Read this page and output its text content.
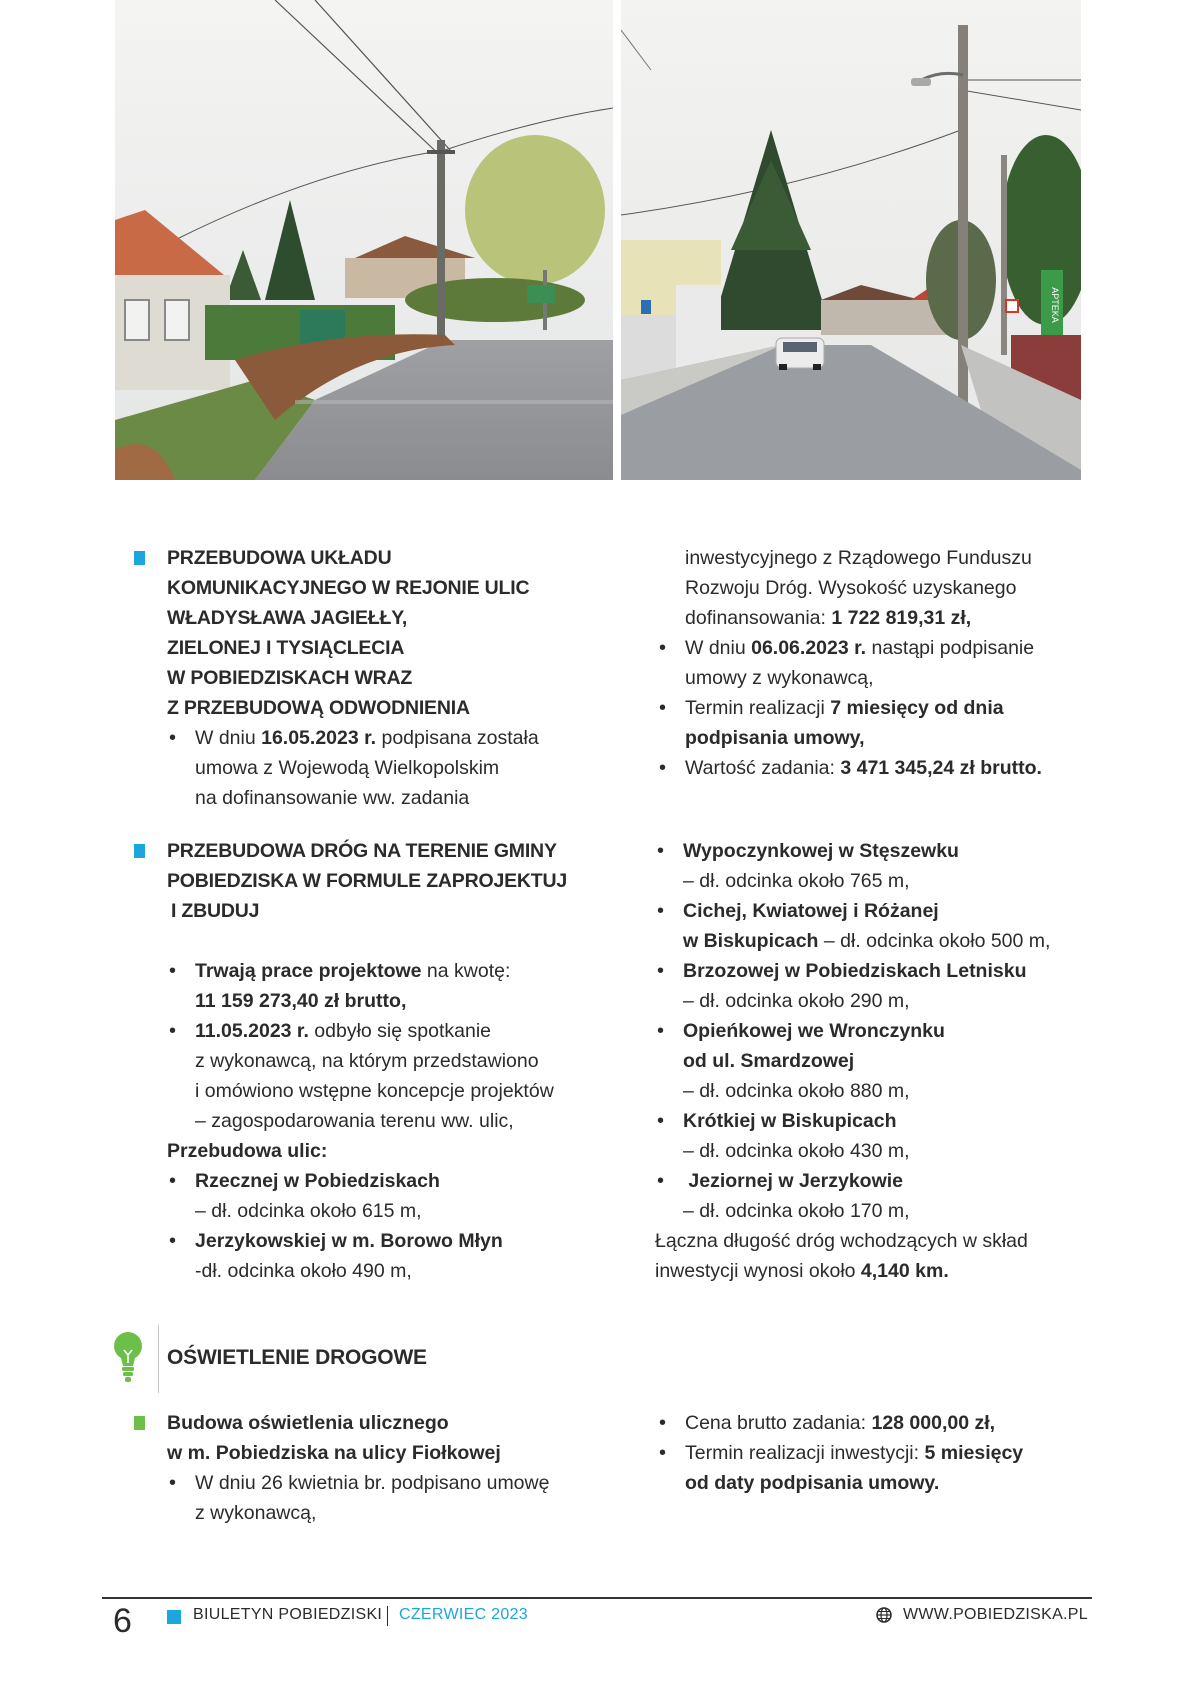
APTEKA

PRZEBUDOWA UKŁADU
KOMUNIKACYJNEGO W REJONIE ULIC
WŁADYSŁAWA JAGIEŁŁY,
ZIELONEJ I TYSIĄCLECIA
W POBIEDZISKACH WRAZ
Z PRZEBUDOWĄ ODWODNIENIA

• W dniu 16.05.2023 r. podpisana została
umowa z Wojewodą Wielkopolskim
na dofinansowanie ww. zadania

inwestycyjnego z Rządowego Funduszu
Rozwoju Dróg. Wysokość uzyskanego
dofinansowania: 1 722 819,31 zł,

• W dniu 06.06.2023 r. nastąpi podpisanie
umowy z wykonawcą,
• Termin realizacji 7 miesięcy od dnia
podpisania umowy,
• Wartość zadania: 3 471 345,24 zł brutto.

PRZEBUDOWA DRÓG NA TERENIE GMINY
POBIEDZISKA W FORMULE ZAPROJEKTUJ
I ZBUDUJ

• Trwają prace projektowe na kwotę:
11 159 273,40 zł brutto,
• 11.05.2023 r. odbyło się spotkanie
z wykonawcą, na którym przedstawiono
i omówiono wstępne koncepcje projektów
– zagospodarowania terenu ww. ulic,

Przebudowa ulic:

• Rzecznej w Pobiedziskach
– dł. odcinka około 615 m,
• Jerzykowskiej w m. Borowo Młyn
-dł. odcinka około 490 m,
• Wypoczynkowej w Stęszewku
– dł. odcinka około 765 m,
• Cichej, Kwiatowej i Różanej
w Biskupicach – dł. odcinka około 500 m,
• Brzozowej w Pobiedziskach Letnisku
– dł. odcinka około 290 m,
• Opieńkowej we Wronczynku
od ul. Smardzowej
– dł. odcinka około 880 m,
• Krótkiej w Biskupicach
– dł. odcinka około 430 m,
•  Jeziornej w Jerzykowie
– dł. odcinka około 170 m,

Łączna długość dróg wchodzących w skład
inwestycji wynosi około 4,140 km.

OŚWIETLENIE DROGOWE

Budowa oświetlenia ulicznego
w m. Pobiedziska na ulicy Fiołkowej

• W dniu 26 kwietnia br. podpisano umowę
z wykonawcą,
• Cena brutto zadania: 128 000,00 zł,
• Termin realizacji inwestycji: 5 miesięcy
od daty podpisania umowy.
6	BIULETYN POBIEDZISKI CZERWIEC 2023	WWW.POBIEDZISKA.PL
